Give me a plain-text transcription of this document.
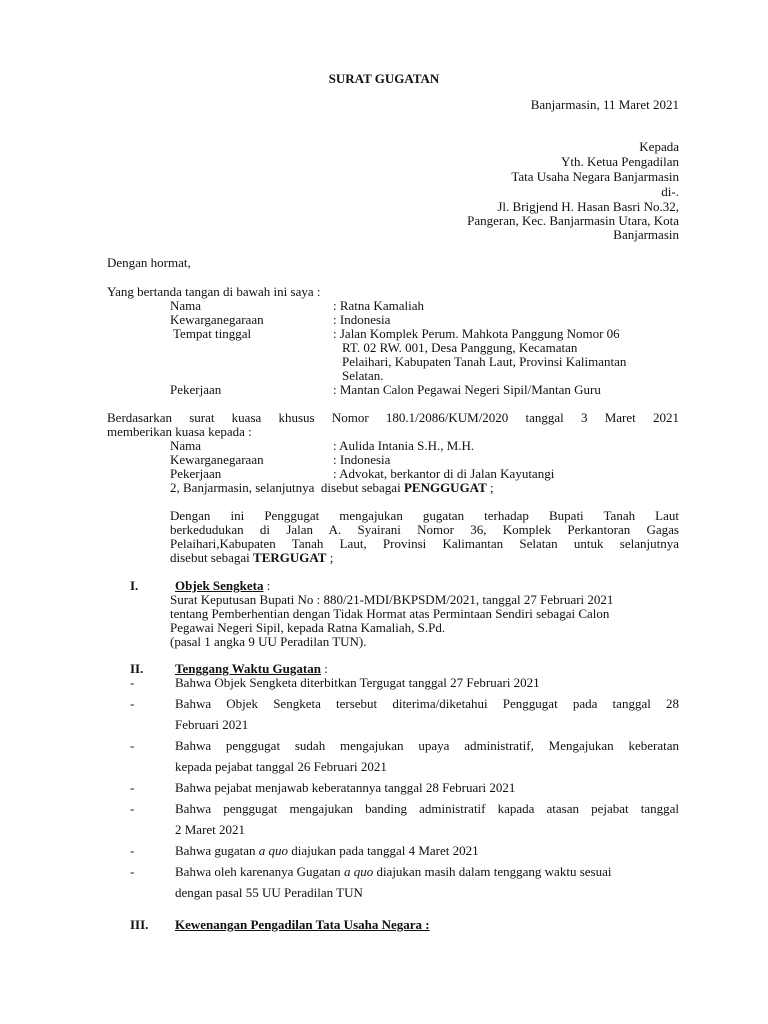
SURAT GUGATAN
Banjarmasin, 11 Maret 2021
Kepada
Yth. Ketua Pengadilan
Tata Usaha Negara Banjarmasin
di-.
Jl. Brigjend H. Hasan Basri No.32,
Pangeran, Kec. Banjarmasin Utara, Kota
Banjarmasin
Dengan hormat,
Yang bertanda tangan di bawah ini saya :
Nama	: Ratna Kamaliah
Kewarganegaraan	: Indonesia
Tempat tinggal	: Jalan Komplek Perum. Mahkota Panggung Nomor 06
RT. 02 RW. 001, Desa Panggung, Kecamatan
Pelaihari, Kabupaten Tanah Laut, Provinsi Kalimantan
Selatan.
Pekerjaan	: Mantan Calon Pegawai Negeri Sipil/Mantan Guru
Berdasarkan surat kuasa khusus Nomor 180.1/2086/KUM/2020 tanggal 3 Maret 2021
memberikan kuasa kepada :
Nama	: Aulida Intania S.H., M.H.
Kewarganegaraan	: Indonesia
Pekerjaan	: Advokat, berkantor di di Jalan Kayutangi
2, Banjarmasin, selanjutnya  disebut sebagai PENGGUGAT ;
Dengan ini Penggugat mengajukan gugatan terhadap Bupati Tanah Laut
berkedudukan di Jalan A. Syairani Nomor 36, Komplek Perkantoran Gagas
Pelaihari,Kabupaten Tanah Laut, Provinsi Kalimantan Selatan untuk selanjutnya
disebut sebagai TERGUGAT ;
I.	Objek Sengketa :
Surat Keputusan Bupati No : 880/21-MDI/BKPSDM/2021, tanggal 27 Februari 2021
tentang Pemberhentian dengan Tidak Hormat atas Permintaan Sendiri sebagai Calon
Pegawai Negeri Sipil, kepada Ratna Kamaliah, S.Pd.
(pasal 1 angka 9 UU Peradilan TUN).
II. Tenggang Waktu Gugatan :
-	Bahwa Objek Sengketa diterbitkan Tergugat tanggal 27 Februari 2021
-	Bahwa Objek Sengketa tersebut diterima/diketahui Penggugat pada tanggal 28
Februari 2021
-	Bahwa penggugat sudah mengajukan upaya administratif, Mengajukan keberatan
kepada pejabat tanggal 26 Februari 2021
-	Bahwa pejabat menjawab keberatannya tanggal 28 Februari 2021
-	Bahwa penggugat mengajukan banding administratif kapada atasan pejabat tanggal
2 Maret 2021
-	Bahwa gugatan a quo diajukan pada tanggal 4 Maret 2021
-	Bahwa oleh karenanya Gugatan a quo diajukan masih dalam tenggang waktu sesuai
dengan pasal 55 UU Peradilan TUN
III. Kewenangan Pengadilan Tata Usaha Negara :
